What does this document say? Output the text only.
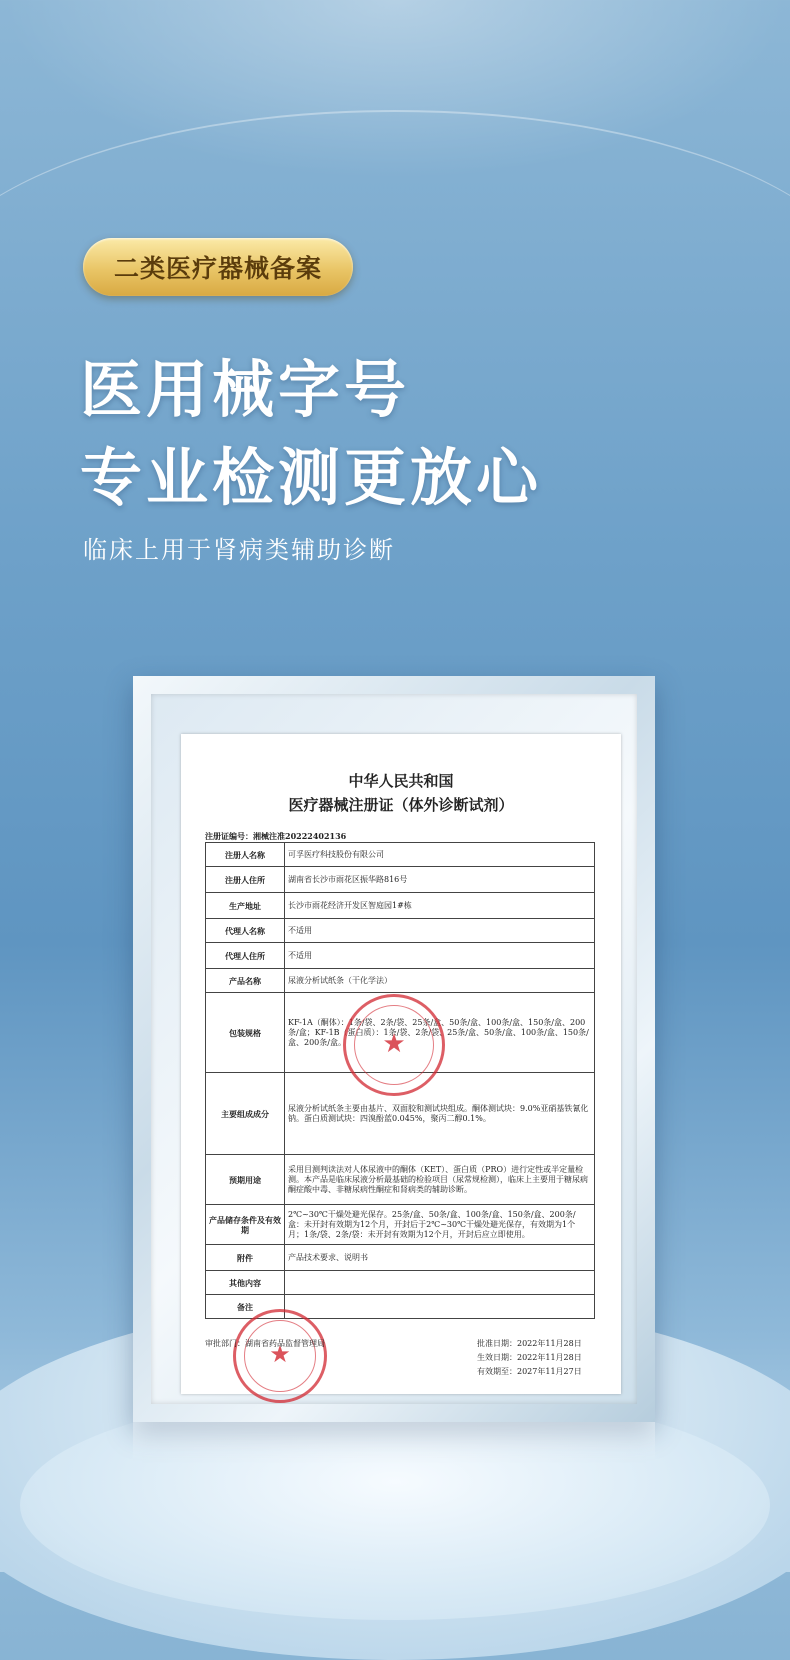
二类医疗器械备案
医用械字号
专业检测更放心
临床上用于肾病类辅助诊断
中华人民共和国
医疗器械注册证（体外诊断试剂）
注册证编号：湘械注准20222402136
注册人名称	可孚医疗科技股份有限公司
注册人住所	湖南省长沙市雨花区振华路816号
生产地址	长沙市雨花经济开发区智庭园1#栋
代理人名称	不适用
代理人住所	不适用
产品名称	尿液分析试纸条（干化学法）
包装规格	KF-1A（酮体）：1条/袋、2条/袋、25条/盒、50条/盒、100条/盒、150条/盒、200条/盒；KF-1B（蛋白质）：1条/袋、2条/袋、25条/盒、50条/盒、100条/盒、150条/盒、200条/盒。
主要组成成分	尿液分析试纸条主要由基片、双面胶和测试块组成。酮体测试块：9.0%亚硝基铁氰化钠。蛋白质测试块：四溴酚蓝0.045%，聚丙二醇0.1%。
预期用途	采用目测判读法对人体尿液中的酮体（KET）、蛋白质（PRO）进行定性或半定量检测。本产品是临床尿液分析最基础的检验项目（尿常规检测），临床上主要用于糖尿病酮症酸中毒、非糖尿病性酮症和肾病类的辅助诊断。
产品储存条件及有效期	2℃~30℃干燥处避光保存。25条/盒、50条/盒、100条/盒、150条/盒、200条/盒：未开封有效期为12个月，开封后于2℃~30℃干燥处避光保存，有效期为1个月；1条/袋、2条/袋：未开封有效期为12个月，开封后应立即使用。
附件	产品技术要求、说明书
其他内容	
备注	
★
★
审批部门：湖南省药品监督管理局	批准日期：2022年11月28日
生效日期：2022年11月28日
有效期至：2027年11月27日
